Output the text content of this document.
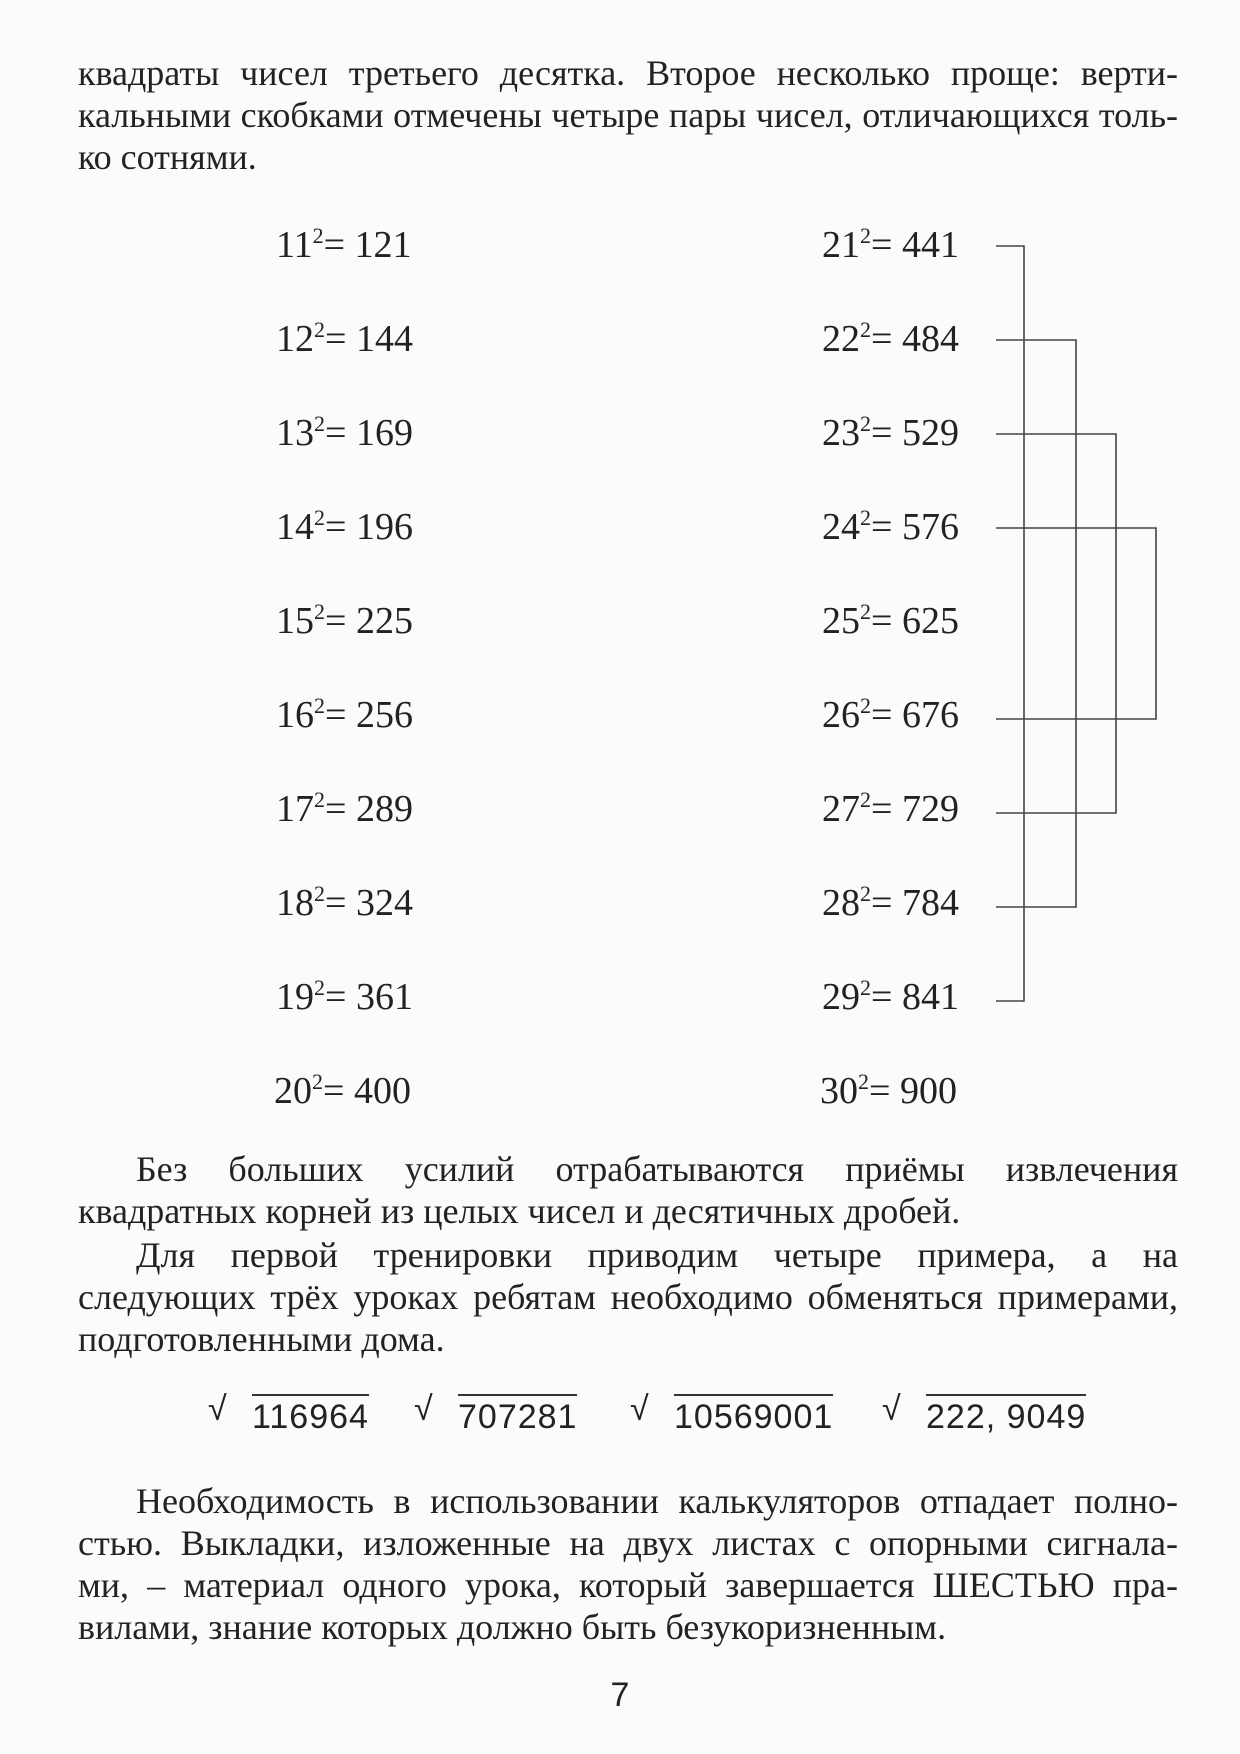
квадраты чисел третьего десятка. Второе несколько проще: верти-
кальными скобками отмечены четыре пары чисел, отличающихся толь-
ко сотнями.
$11^2= 121$
$12^2= 144$
$13^2= 169$
$14^2= 196$
$15^2= 225$
$16^2= 256$
$17^2= 289$
$18^2= 324$
$19^2= 361$
$20^2= 400$
$21^2= 441$
$22^2= 484$
$23^2= 529$
$24^2= 576$
$25^2= 625$
$26^2= 676$
$27^2= 729$
$28^2= 784$
$29^2= 841$
$30^2= 900$
Без больших усилий отрабатываются приёмы извлечения
квадратных корней из целых чисел и десятичных дробей.
Для первой тренировки приводим четыре примера, а на
следующих трёх уроках ребятам необходимо обменяться примерами,
подготовленными дома.
√ 116964 √ 707281 √ 10569001 √ 222, 9049
Необходимость в использовании калькуляторов отпадает полно-
стью. Выкладки, изложенные на двух листах с опорными сигнала-
ми, – материал одного урока, который завершается ШЕСТЬЮ пра-
вилами, знание которых должно быть безукоризненным.
7
